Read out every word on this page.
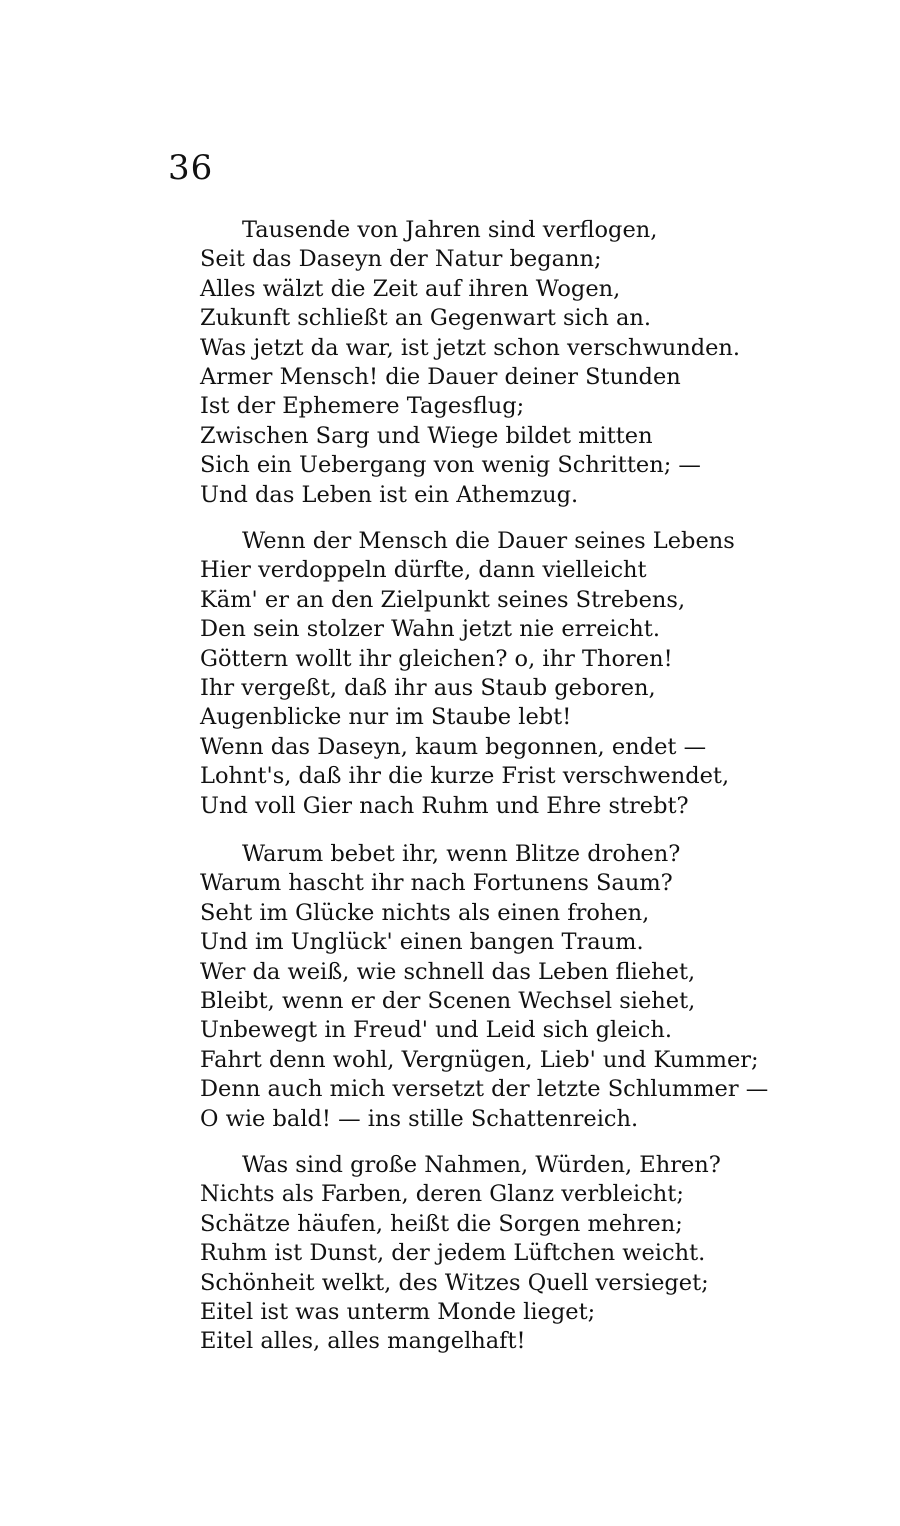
36
Tausende von Jahren sind verflogen,
Seit das Daseyn der Natur begann;
Alles wälzt die Zeit auf ihren Wogen,
Zukunft schließt an Gegenwart sich an.
Was jetzt da war, ist jetzt schon verschwunden.
Armer Mensch! die Dauer deiner Stunden
Ist der Ephemere Tagesflug;
Zwischen Sarg und Wiege bildet mitten
Sich ein Uebergang von wenig Schritten; —
Und das Leben ist ein Athemzug.
Wenn der Mensch die Dauer seines Lebens
Hier verdoppeln dürfte, dann vielleicht
Käm' er an den Zielpunkt seines Strebens,
Den sein stolzer Wahn jetzt nie erreicht.
Göttern wollt ihr gleichen? o, ihr Thoren!
Ihr vergeßt, daß ihr aus Staub geboren,
Augenblicke nur im Staube lebt!
Wenn das Daseyn, kaum begonnen, endet —
Lohnt's, daß ihr die kurze Frist verschwendet,
Und voll Gier nach Ruhm und Ehre strebt?
Warum bebet ihr, wenn Blitze drohen?
Warum hascht ihr nach Fortunens Saum?
Seht im Glücke nichts als einen frohen,
Und im Unglück' einen bangen Traum.
Wer da weiß, wie schnell das Leben fliehet,
Bleibt, wenn er der Scenen Wechsel siehet,
Unbewegt in Freud' und Leid sich gleich.
Fahrt denn wohl, Vergnügen, Lieb' und Kummer;
Denn auch mich versetzt der letzte Schlummer —
O wie bald! — ins stille Schattenreich.
Was sind große Nahmen, Würden, Ehren?
Nichts als Farben, deren Glanz verbleicht;
Schätze häufen, heißt die Sorgen mehren;
Ruhm ist Dunst, der jedem Lüftchen weicht.
Schönheit welkt, des Witzes Quell versieget;
Eitel ist was unterm Monde lieget;
Eitel alles, alles mangelhaft!
